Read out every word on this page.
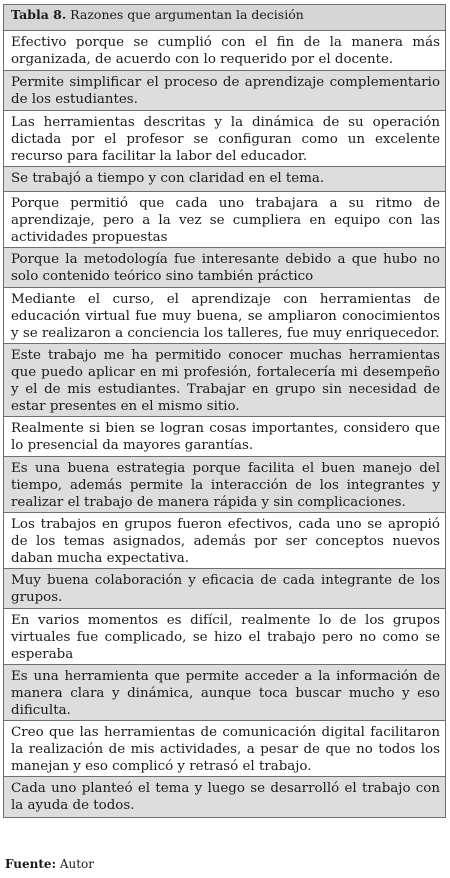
Tabla 8. Razones que argumentan la decisión
Efectivo porque se cumplió con el fin de la manera más organizada, de acuerdo con lo requerido por el docente.
Permite simplificar el proceso de aprendizaje complementario de los estudiantes.
Las herramientas descritas y la dinámica de su operación dictada por el profesor se configuran como un excelente recurso para facilitar la labor del educador.
Se trabajó a tiempo y con claridad en el tema.
Porque permitió que cada uno trabajara a su ritmo de aprendizaje, pero a la vez se cumpliera en equipo con las actividades propuestas
Porque la metodología fue interesante debido a que hubo no solo contenido teórico sino también práctico
Mediante el curso, el aprendizaje con herramientas de educación virtual fue muy buena, se ampliaron conocimientos y se realizaron a conciencia los talleres, fue muy enriquecedor.
Este trabajo me ha permitido conocer muchas herramientas que puedo aplicar en mi profesión, fortalecería mi desempeño y el de mis estudiantes. Trabajar en grupo sin necesidad de estar presentes en el mismo sitio.
Realmente si bien se logran cosas importantes, considero que lo presencial da mayores garantías.
Es una buena estrategia porque facilita el buen manejo del tiempo, además permite la interacción de los integrantes y realizar el trabajo de manera rápida y sin complicaciones.
Los trabajos en grupos fueron efectivos, cada uno se apropió de los temas asignados, además por ser conceptos nuevos daban mucha expectativa.
Muy buena colaboración y eficacia de cada integrante de los grupos.
En varios momentos es difícil, realmente lo de los grupos virtuales fue complicado, se hizo el trabajo pero no como se esperaba
Es una herramienta que permite acceder a la información de manera clara y dinámica, aunque toca buscar mucho y eso dificulta.
Creo que las herramientas de comunicación digital facilitaron la realización de mis actividades, a pesar de que no todos los manejan y eso complicó y retrasó el trabajo.
Cada uno planteó el tema y luego se desarrolló el trabajo con la ayuda de todos.
Fuente: Autor
